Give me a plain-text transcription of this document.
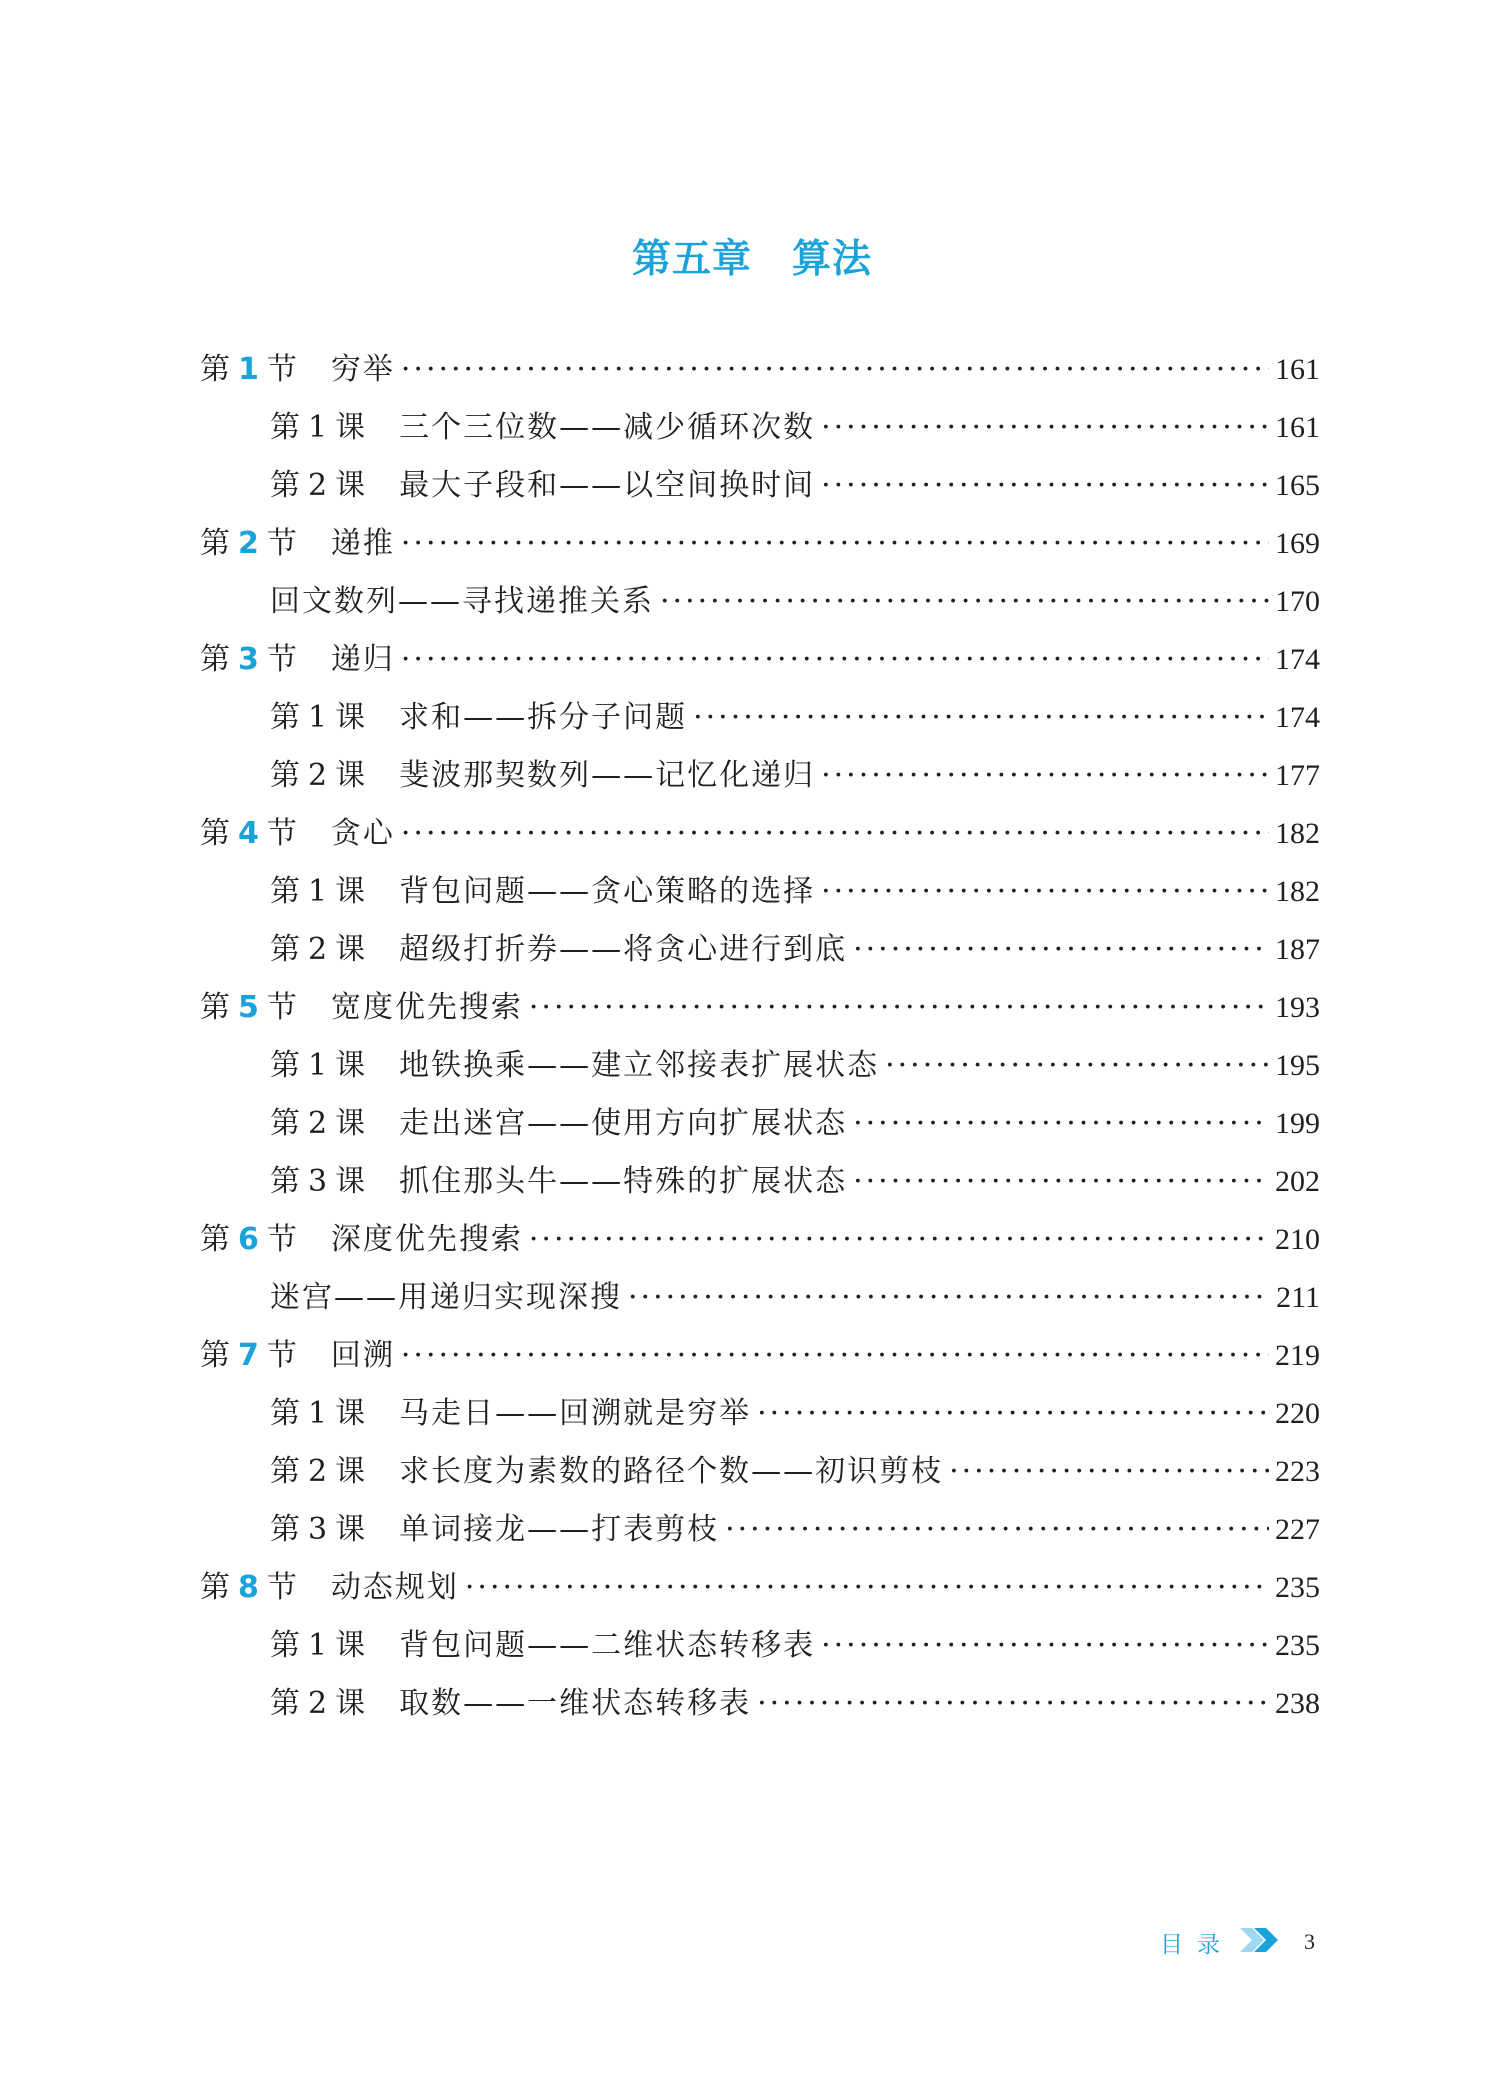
第五章　算法
第 1 节 穷举 ·····	161
第 1 课 三个三位数——减少循环次数 ·····	161
第 2 课 最大子段和——以空间换时间 ·····	165
第 2 节 递推 ·····	169
回文数列——寻找递推关系 ·····	170
第 3 节 递归 ·····	174
第 1 课 求和——拆分子问题 ·····	174
第 2 课 斐波那契数列——记忆化递归 ·····	177
第 4 节 贪心 ·····	182
第 1 课 背包问题——贪心策略的选择 ·····	182
第 2 课 超级打折券——将贪心进行到底 ·····	187
第 5 节 宽度优先搜索 ·····	193
第 1 课 地铁换乘——建立邻接表扩展状态 ·····	195
第 2 课 走出迷宫——使用方向扩展状态 ·····	199
第 3 课 抓住那头牛——特殊的扩展状态 ·····	202
第 6 节 深度优先搜索 ·····	210
迷宫——用递归实现深搜 ·····	211
第 7 节 回溯 ·····	219
第 1 课 马走日——回溯就是穷举 ·····	220
第 2 课 求长度为素数的路径个数——初识剪枝 ·····	223
第 3 课 单词接龙——打表剪枝 ·····	227
第 8 节 动态规划 ·····	235
第 1 课 背包问题——二维状态转移表 ·····	235
第 2 课 取数——一维状态转移表 ·····	238
目录	3
